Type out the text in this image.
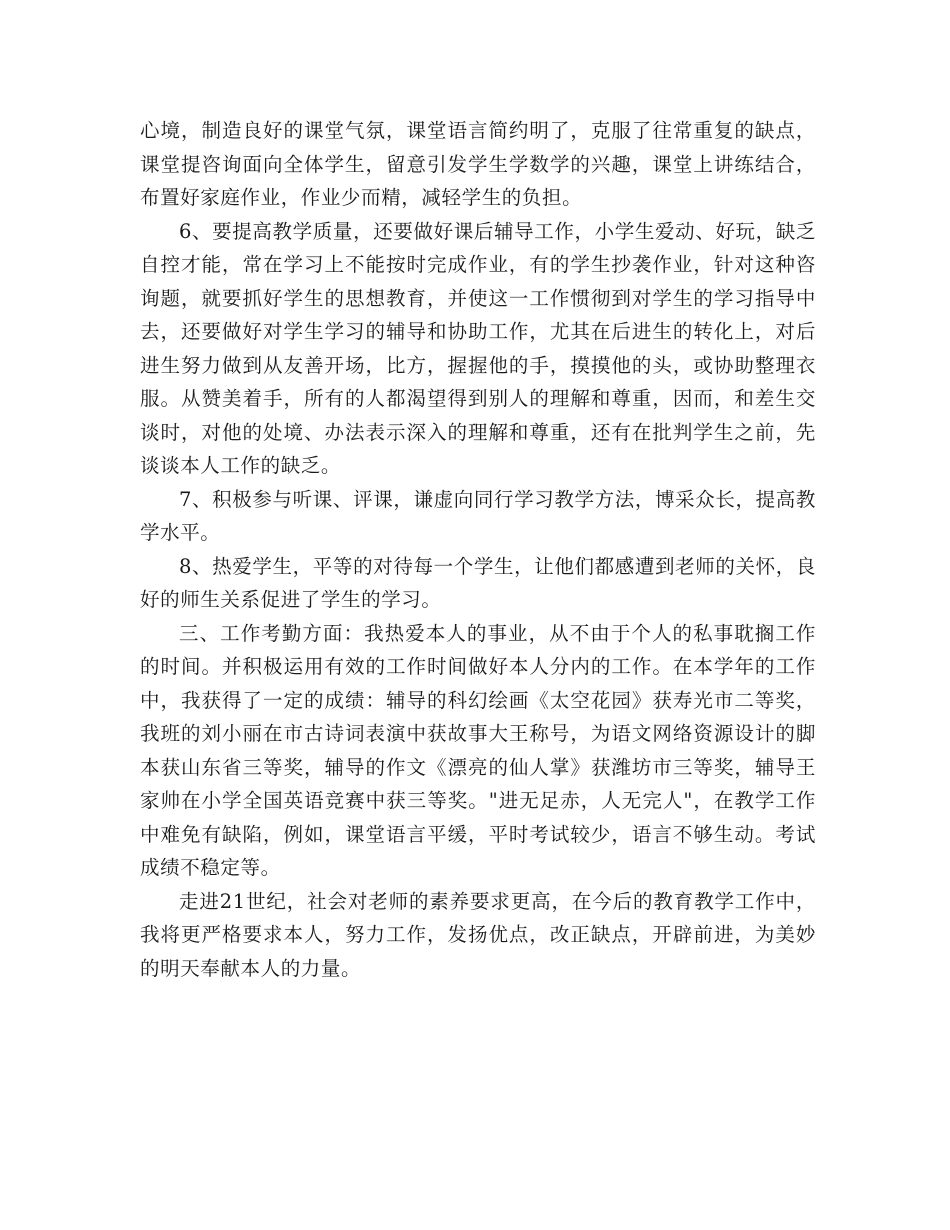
心境，制造良好的课堂气氛，课堂语言简约明了，克服了往常重复的缺点，课堂提咨询面向全体学生，留意引发学生学数学的兴趣，课堂上讲练结合，布置好家庭作业，作业少而精，减轻学生的负担。

6、要提高教学质量，还要做好课后辅导工作，小学生爱动、好玩，缺乏自控才能，常在学习上不能按时完成作业，有的学生抄袭作业，针对这种咨询题，就要抓好学生的思想教育，并使这一工作惯彻到对学生的学习指导中去，还要做好对学生学习的辅导和协助工作，尤其在后进生的转化上，对后进生努力做到从友善开场，比方，握握他的手，摸摸他的头，或协助整理衣服。从赞美着手，所有的人都渴望得到别人的理解和尊重，因而，和差生交谈时，对他的处境、办法表示深入的理解和尊重，还有在批判学生之前，先谈谈本人工作的缺乏。

7、积极参与听课、评课，谦虚向同行学习教学方法，博采众长，提高教学水平。

8、热爱学生，平等的对待每一个学生，让他们都感遭到老师的关怀，良好的师生关系促进了学生的学习。

三、工作考勤方面：我热爱本人的事业，从不由于个人的私事耽搁工作的时间。并积极运用有效的工作时间做好本人分内的工作。在本学年的工作中，我获得了一定的成绩：辅导的科幻绘画《太空花园》获寿光市二等奖，我班的刘小丽在市古诗词表演中获故事大王称号，为语文网络资源设计的脚本获山东省三等奖，辅导的作文《漂亮的仙人掌》获潍坊市三等奖，辅导王家帅在小学全国英语竞赛中获三等奖。"进无足赤，人无完人"，在教学工作中难免有缺陷，例如，课堂语言平缓，平时考试较少，语言不够生动。考试成绩不稳定等。

走进21世纪，社会对老师的素养要求更高，在今后的教育教学工作中，我将更严格要求本人，努力工作，发扬优点，改正缺点，开辟前进，为美妙的明天奉献本人的力量。
